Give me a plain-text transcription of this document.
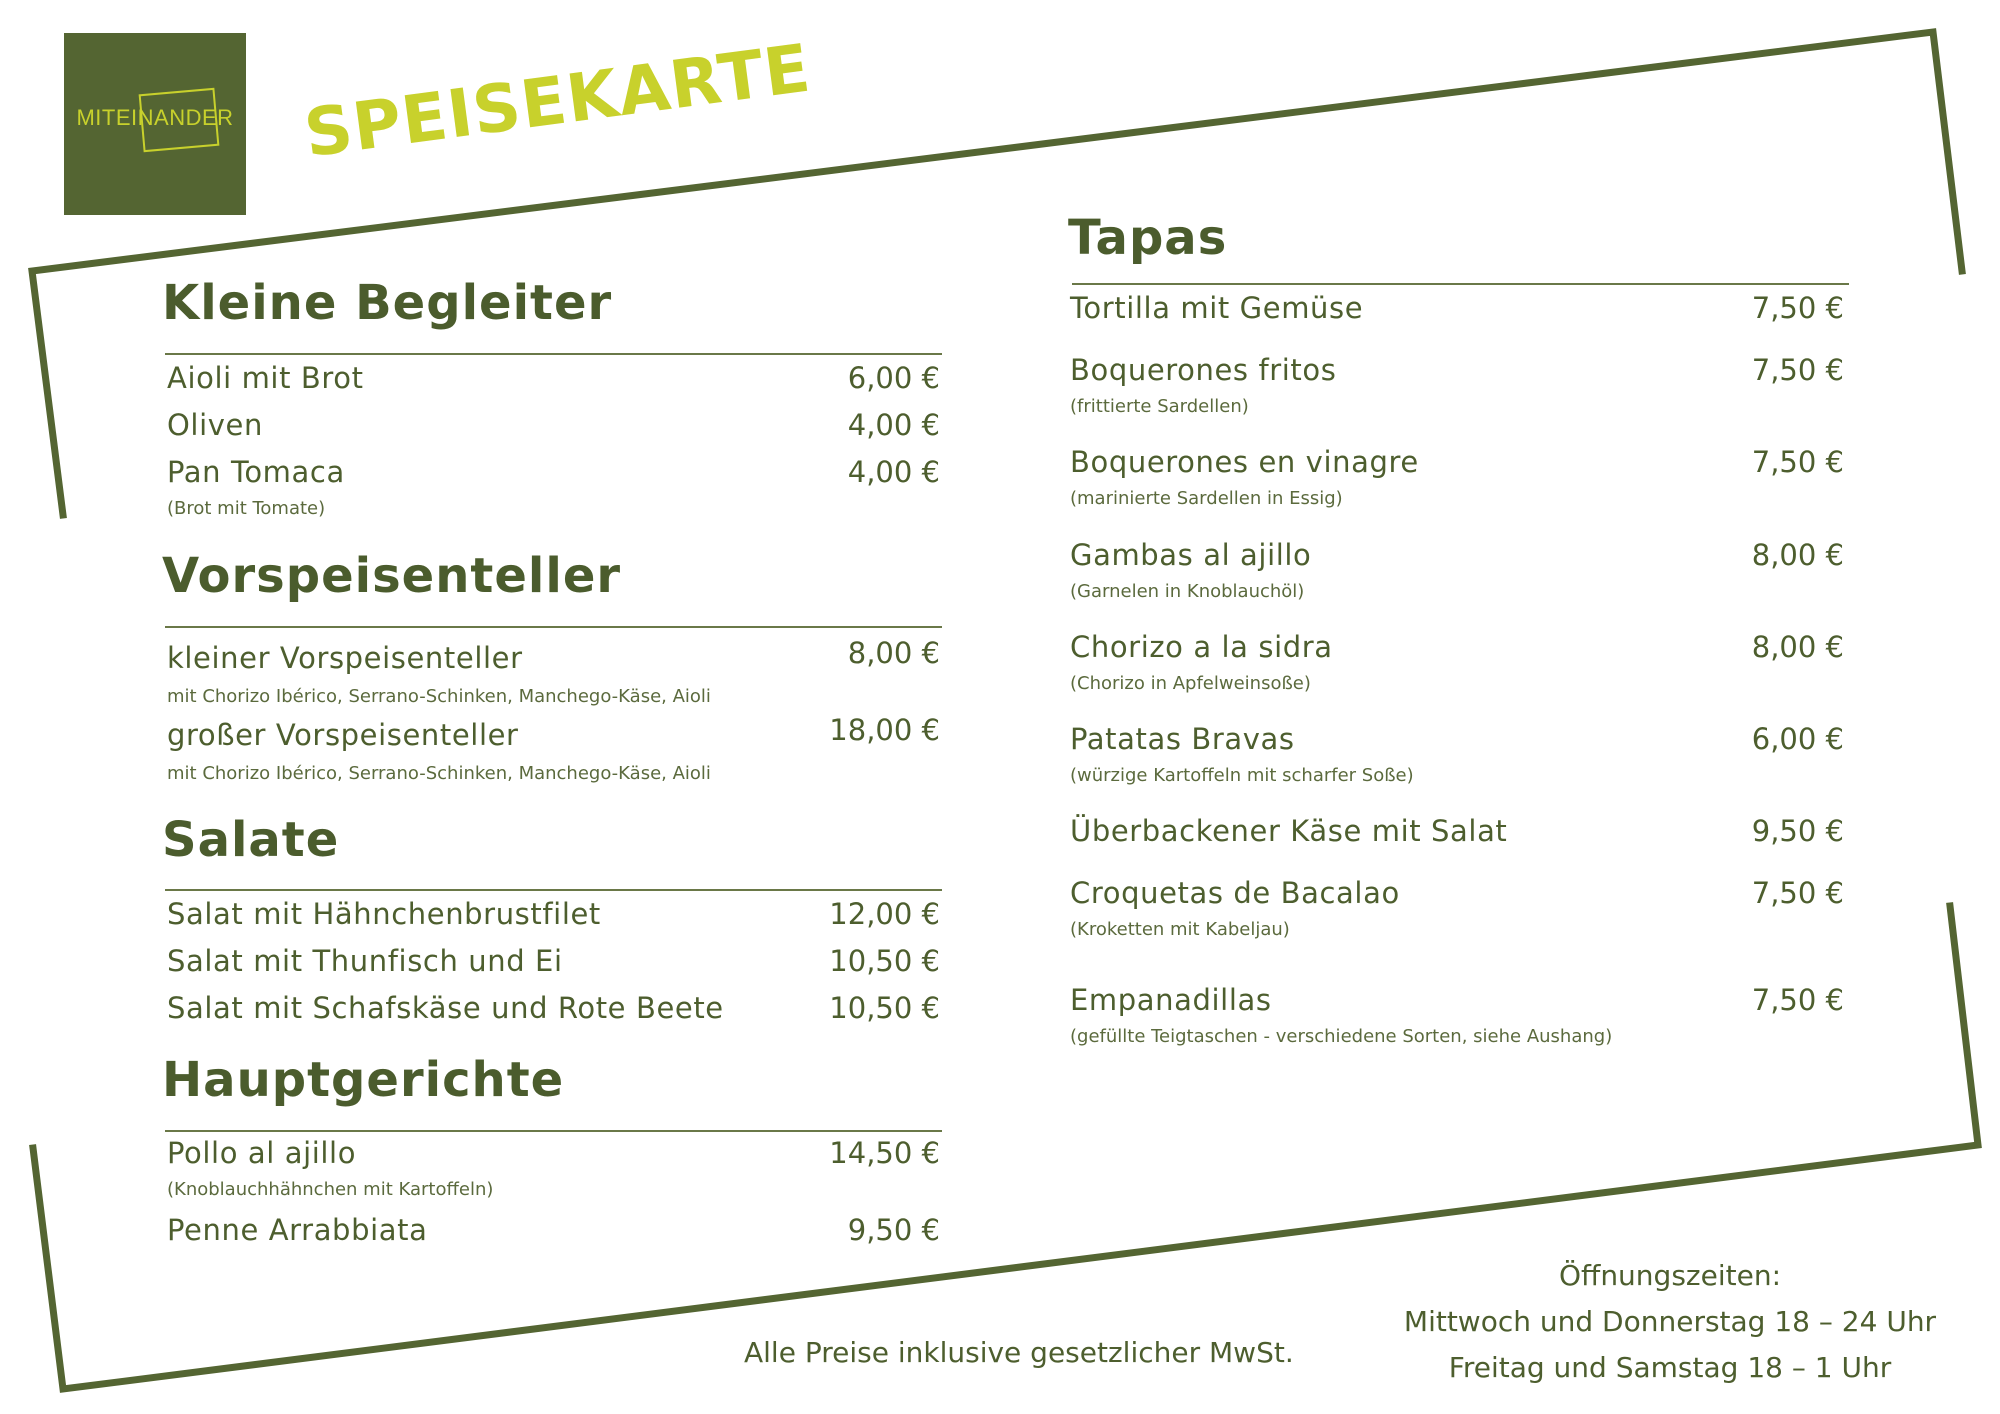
MITEINANDER SPEISEKARTE
Kleine Begleiter
Aioli mit Brot	6,00 €
Oliven	4,00 €
Pan Tomaca	4,00 €
(Brot mit Tomate)
Vorspeisenteller
kleiner Vorspeisenteller	8,00 €
mit Chorizo Ibérico, Serrano-Schinken, Manchego-Käse, Aioli
großer Vorspeisenteller	18,00 €
mit Chorizo Ibérico, Serrano-Schinken, Manchego-Käse, Aioli
Salate
Salat mit Hähnchenbrustfilet	12,00 €
Salat mit Thunfisch und Ei	10,50 €
Salat mit Schafskäse und Rote Beete	10,50 €
Hauptgerichte
Pollo al ajillo	14,50 €
(Knoblauchhähnchen mit Kartoffeln)
Penne Arrabbiata	9,50 €
Tapas
Tortilla mit Gemüse	7,50 €
Boquerones fritos	7,50 €
(frittierte Sardellen)
Boquerones en vinagre	7,50 €
(marinierte Sardellen in Essig)
Gambas al ajillo	8,00 €
(Garnelen in Knoblauchöl)
Chorizo a la sidra	8,00 €
(Chorizo in Apfelweinsoße)
Patatas Bravas	6,00 €
(würzige Kartoffeln mit scharfer Soße)
Überbackener Käse mit Salat	9,50 €
Croquetas de Bacalao	7,50 €
(Kroketten mit Kabeljau)
Empanadillas	7,50 €
(gefüllte Teigtaschen - verschiedene Sorten, siehe Aushang)
Alle Preise inklusive gesetzlicher MwSt.
Öffnungszeiten:
Mittwoch und Donnerstag 18 – 24 Uhr
Freitag und Samstag 18 – 1 Uhr
